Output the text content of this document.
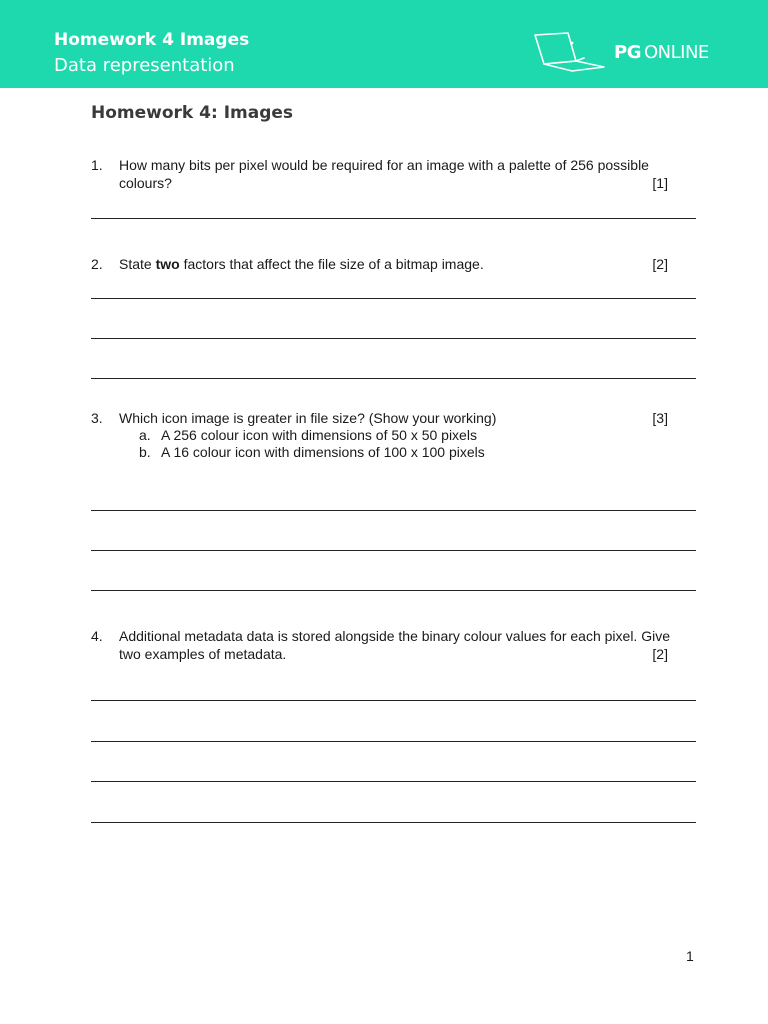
Homework 4 Images
Data representation
PG ONLINE
Homework 4: Images
1. How many bits per pixel would be required for an image with a palette of 256 possible
colours?	[1]
2. State two factors that affect the file size of a bitmap image.	[2]
3. Which icon image is greater in file size? (Show your working)	[3]
a. A 256 colour icon with dimensions of 50 x 50 pixels
b. A 16 colour icon with dimensions of 100 x 100 pixels
4. Additional metadata data is stored alongside the binary colour values for each pixel. Give
two examples of metadata.	[2]
1
